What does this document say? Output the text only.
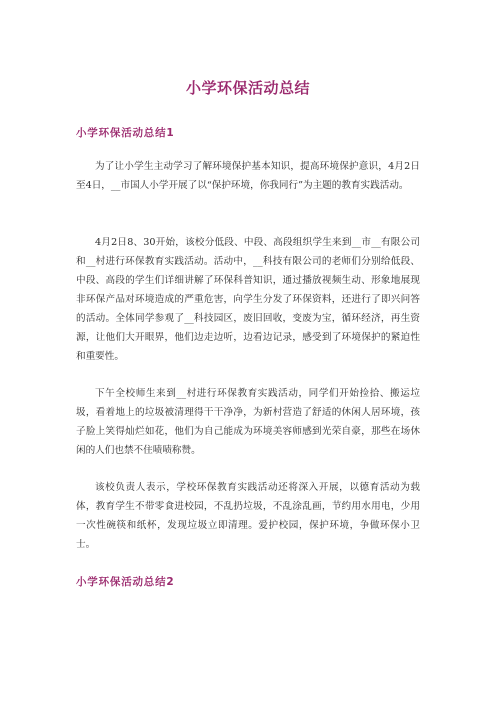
小学环保活动总结
小学环保活动总结1

为了让小学生主动学习了解环境保护基本知识，提高环境保护意识，4月2日至4日，__市国人小学开展了以“保护环境，你我同行”为主题的教育实践活动。

4月2日8、30开始，该校分低段、中段、高段组织学生来到__市__有限公司和__村进行环保教育实践活动。活动中，__科技有限公司的老师们分别给低段、中段、高段的学生们详细讲解了环保科普知识，通过播放视频生动、形象地展现非环保产品对环境造成的严重危害，向学生分发了环保资料，还进行了即兴问答的活动。全体同学参观了__科技园区，废旧回收，变废为宝，循环经济，再生资源，让他们大开眼界，他们边走边听，边看边记录，感受到了环境保护的紧迫性和重要性。

下午全校师生来到__村进行环保教育实践活动，同学们开始捡拾、搬运垃圾，看着地上的垃圾被清理得干干净净，为新村营造了舒适的休闲人居环境，孩子脸上笑得灿烂如花，他们为自己能成为环境美容师感到光荣自豪，那些在场休闲的人们也禁不住啧啧称赞。

该校负责人表示，学校环保教育实践活动还将深入开展，以德育活动为载体，教育学生不带零食进校园，不乱扔垃圾，不乱涂乱画，节约用水用电，少用一次性碗筷和纸杯，发现垃圾立即清理。爱护校园，保护环境，争做环保小卫士。

小学环保活动总结2
